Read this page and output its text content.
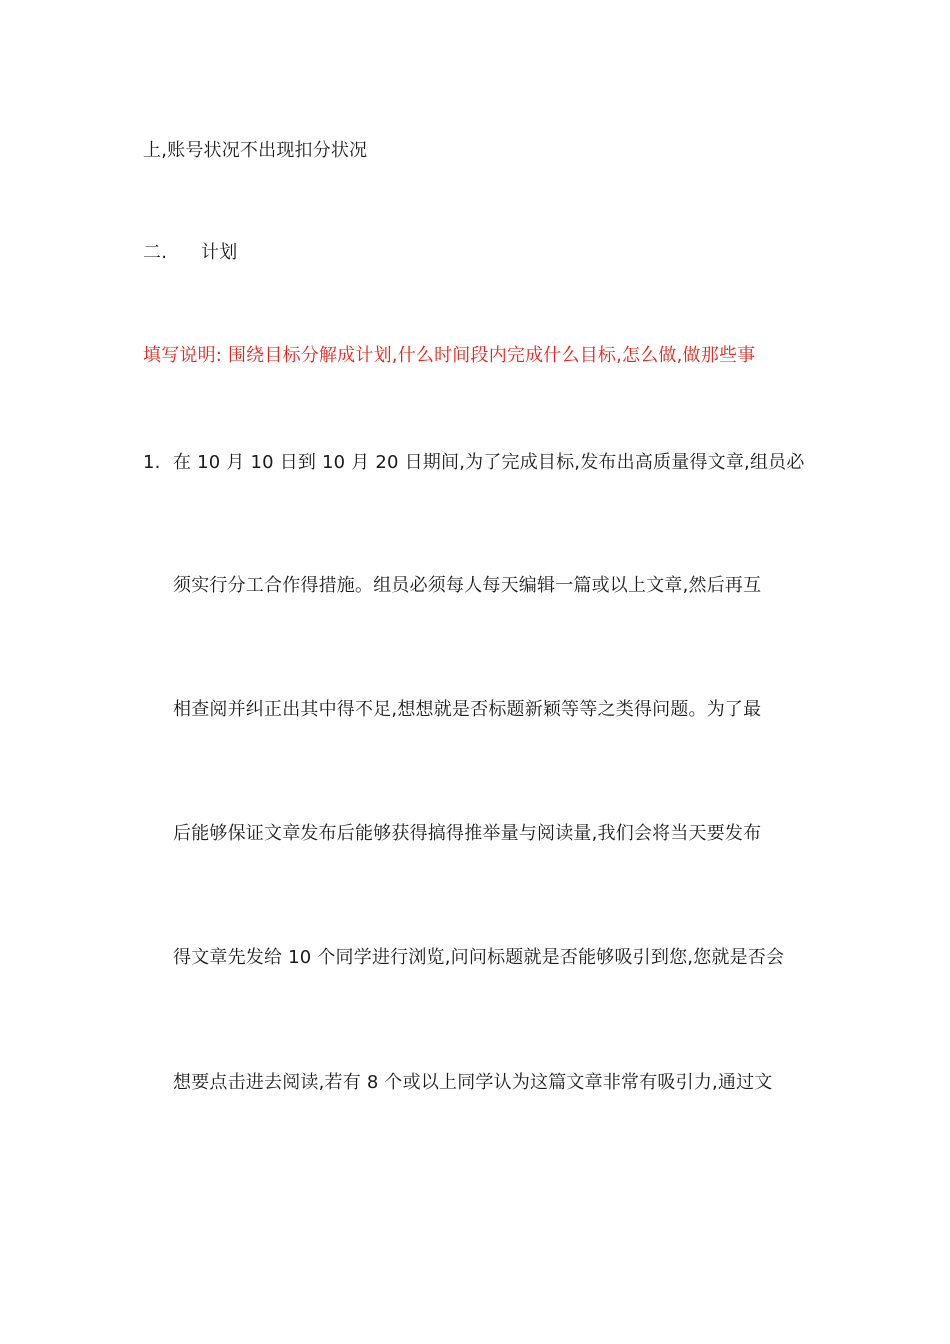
上,账号状况不出现扣分状况
二. 计划
填写说明: 围绕目标分解成计划,什么时间段内完成什么目标,怎么做,做那些事
1. 在 10 月 10 日到 10 月 20 日期间,为了完成目标,发布出高质量得文章,组员必
须实行分工合作得措施。组员必须每人每天编辑一篇或以上文章,然后再互
相查阅并纠正出其中得不足,想想就是否标题新颖等等之类得问题。为了最
后能够保证文章发布后能够获得搞得推举量与阅读量,我们会将当天要发布
得文章先发给 10 个同学进行浏览,问问标题就是否能够吸引到您,您就是否会
想要点击进去阅读,若有 8 个或以上同学认为这篇文章非常有吸引力,通过文
